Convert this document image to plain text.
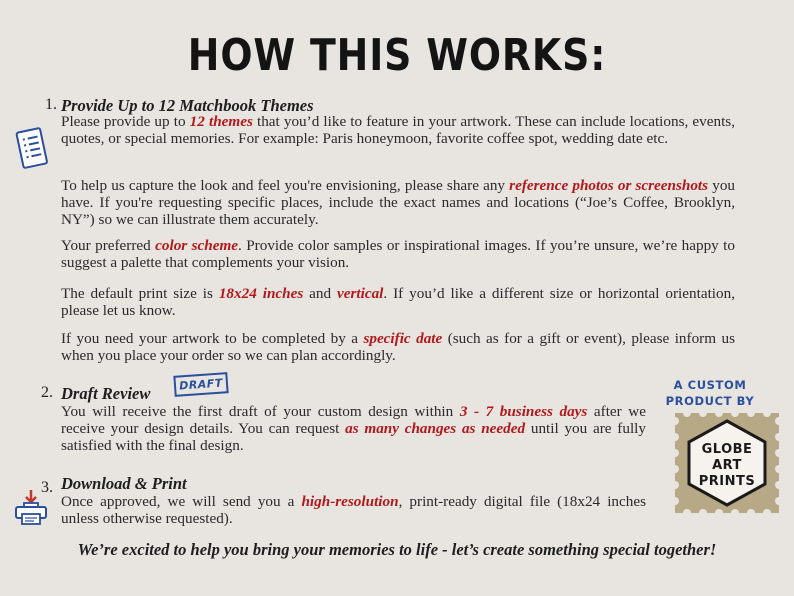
HOW THIS WORKS:
1. Provide Up to 12 Matchbook Themes
Please provide up to 12 themes that you’d like to feature in your artwork. These can include locations, events, quotes, or special memories. For example: Paris honeymoon, favorite coffee spot, wedding date etc.
To help us capture the look and feel you're envisioning, please share any reference photos or screenshots you have. If you're requesting specific places, include the exact names and locations (“Joe’s Coffee, Brooklyn, NY”) so we can illustrate them accurately.
Your preferred color scheme. Provide color samples or inspirational images. If you’re unsure, we’re happy to suggest a palette that complements your vision.
The default print size is 18x24 inches and vertical. If you’d like a different size or horizontal orientation, please let us know.
If you need your artwork to be completed by a specific date (such as for a gift or event), please inform us when you place your order so we can plan accordingly.
2. Draft Review	DRAFT
You will receive the first draft of your custom design within 3 - 7 business days after we receive your design details. You can request as many changes as needed until you are fully satisfied with the final design.
3. Download & Print
Once approved, we will send you a high-resolution, print-ready digital file (18x24 inches unless otherwise requested).
A CUSTOM
PRODUCT BY
GLOBE
ART
PRINTS
We’re excited to help you bring your memories to life - let’s create something special together!
